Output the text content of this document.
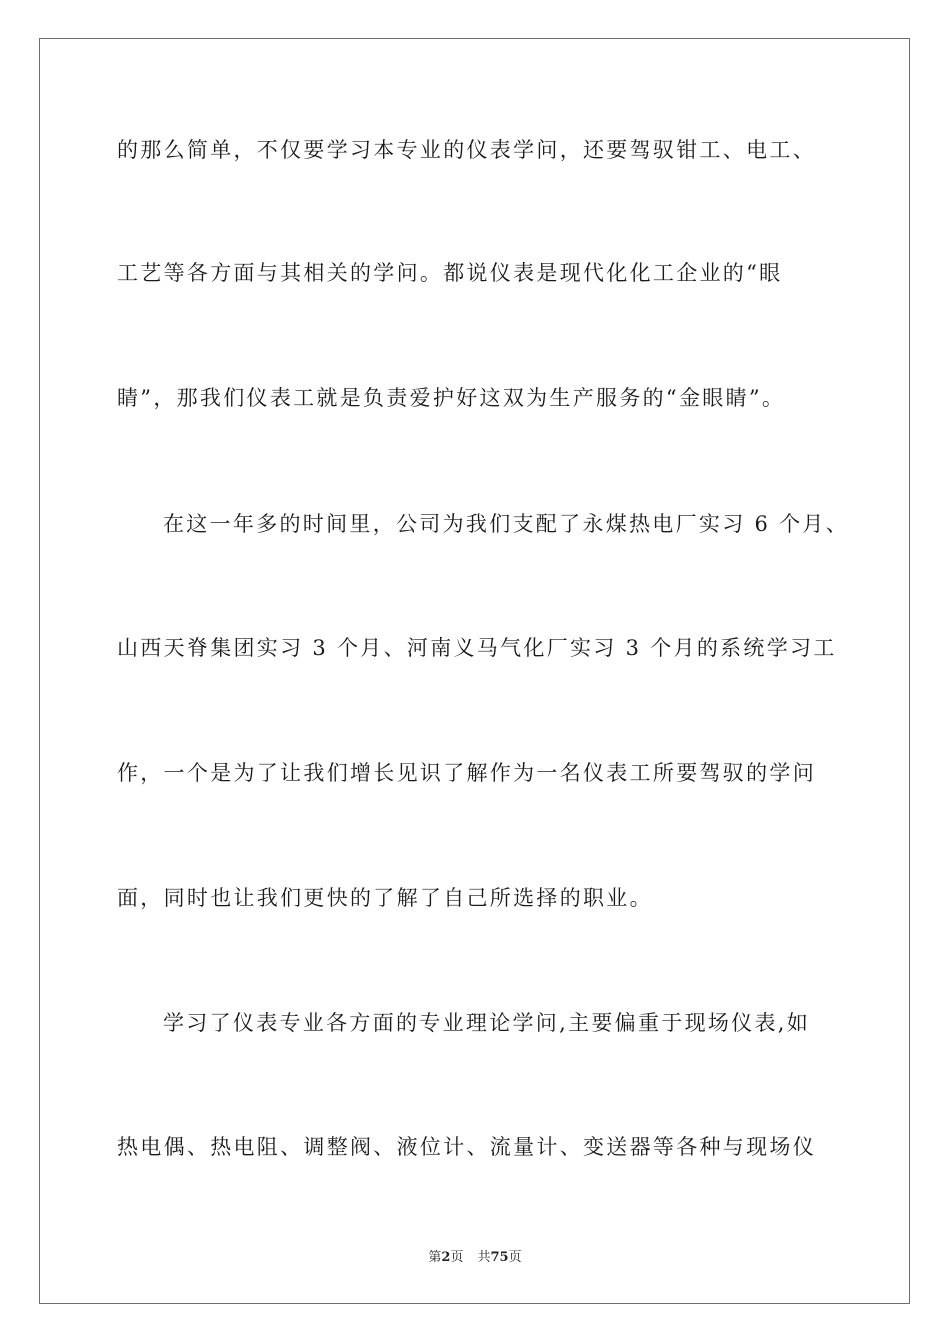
的那么简单，不仅要学习本专业的仪表学问，还要驾驭钳工、电工、
工艺等各方面与其相关的学问。都说仪表是现代化化工企业的“眼
睛”，那我们仪表工就是负责爱护好这双为生产服务的“金眼睛”。
在这一年多的时间里，公司为我们支配了永煤热电厂实习 6 个月、
山西天脊集团实习 3 个月、河南义马气化厂实习 3 个月的系统学习工
作，一个是为了让我们增长见识了解作为一名仪表工所要驾驭的学问
面，同时也让我们更快的了解了自己所选择的职业。
学习了仪表专业各方面的专业理论学问,主要偏重于现场仪表,如
热电偶、热电阻、调整阀、液位计、流量计、变送器等各种与现场仪
第2页 共75页
